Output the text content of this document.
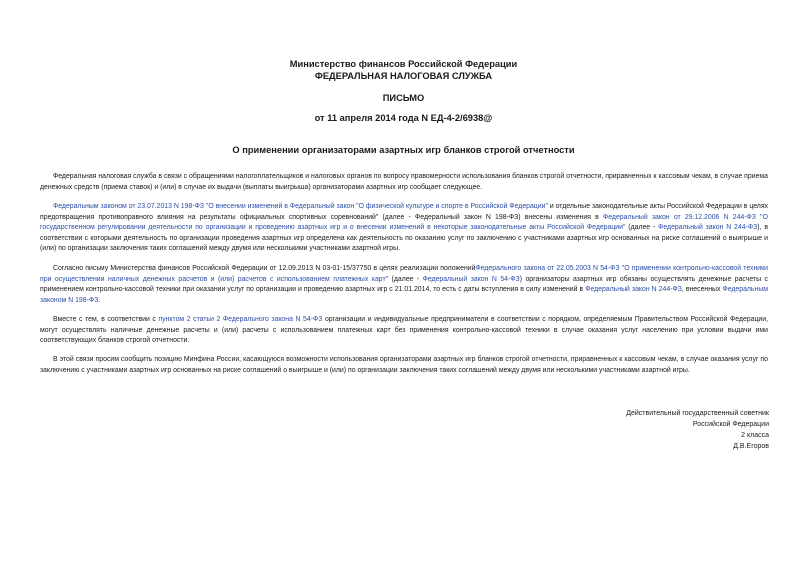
Министерство финансов Российской Федерации
ФЕДЕРАЛЬНАЯ НАЛОГОВАЯ СЛУЖБА
ПИСЬМО
от 11 апреля 2014 года N ЕД-4-2/6938@
О применении организаторами азартных игр бланков строгой отчетности
Федеральная налоговая служба в связи с обращениями налогоплательщиков и налоговых органов по вопросу правомерности использования бланков строгой отчетности, приравненных к кассовым чекам, в случае приема денежных средств (приема ставок) и (или) в случае их выдачи (выплаты выигрыша) организаторами азартных игр сообщает следующее.
Федеральным законом от 23.07.2013 N 198-ФЗ "О внесении изменений в Федеральный закон "О физической культуре и спорте в Российской Федерации" и отдельные законодательные акты Российской Федерации в целях предотвращения противоправного влияния на результаты официальных спортивных соревнований" (далее - Федеральный закон N 198-ФЗ) внесены изменения в Федеральный закон от 29.12.2006 N 244-ФЗ "О государственном регулировании деятельности по организации и проведению азартных игр и о внесении изменений в некоторые законодательные акты Российской Федерации" (далее - Федеральный закон N 244-ФЗ), в соответствии с которыми деятельность по организации проведения азартных игр определена как деятельность по оказанию услуг по заключению с участниками азартных игр основанных на риске соглашений о выигрыше и (или) по организации заключения таких соглашений между двумя или несколькими участниками азартной игры.
Согласно письму Министерства финансов Российской Федерации от 12.09.2013 N 03-01-15/37750 в целях реализации положенийФедерального закона от 22.05.2003 N 54-ФЗ "О применении контрольно-кассовой техники при осуществлении наличных денежных расчетов и (или) расчетов с использованием платежных карт" (далее - Федеральный закон N 54-ФЗ) организаторы азартных игр обязаны осуществлять денежные расчеты с применением контрольно-кассовой техники при оказании услуг по организации и проведению азартных игр с 21.01.2014, то есть с даты вступления в силу изменений в Федеральный закон N 244-ФЗ, внесенных Федеральным законом N 198-ФЗ.
Вместе с тем, в соответствии с пунктом 2 статьи 2 Федерального закона N 54-ФЗ организации и индивидуальные предприниматели в соответствии с порядком, определяемым Правительством Российской Федерации, могут осуществлять наличные денежные расчеты и (или) расчеты с использованием платежных карт без применения контрольно-кассовой техники в случае оказания услуг населению при условии выдачи ими соответствующих бланков строгой отчетности.
В этой связи просим сообщить позицию Минфина России, касающуюся возможности использования организаторами азартных игр бланков строгой отчетности, приравненных к кассовым чекам, в случае оказания услуг по заключению с участниками азартных игр основанных на риске соглашений о выигрыше и (или) по организации заключения таких соглашений между двумя или несколькими участниками азартной игры.
Действительный государственный советник
Российской Федерации
2 класса
Д.В.Егоров
